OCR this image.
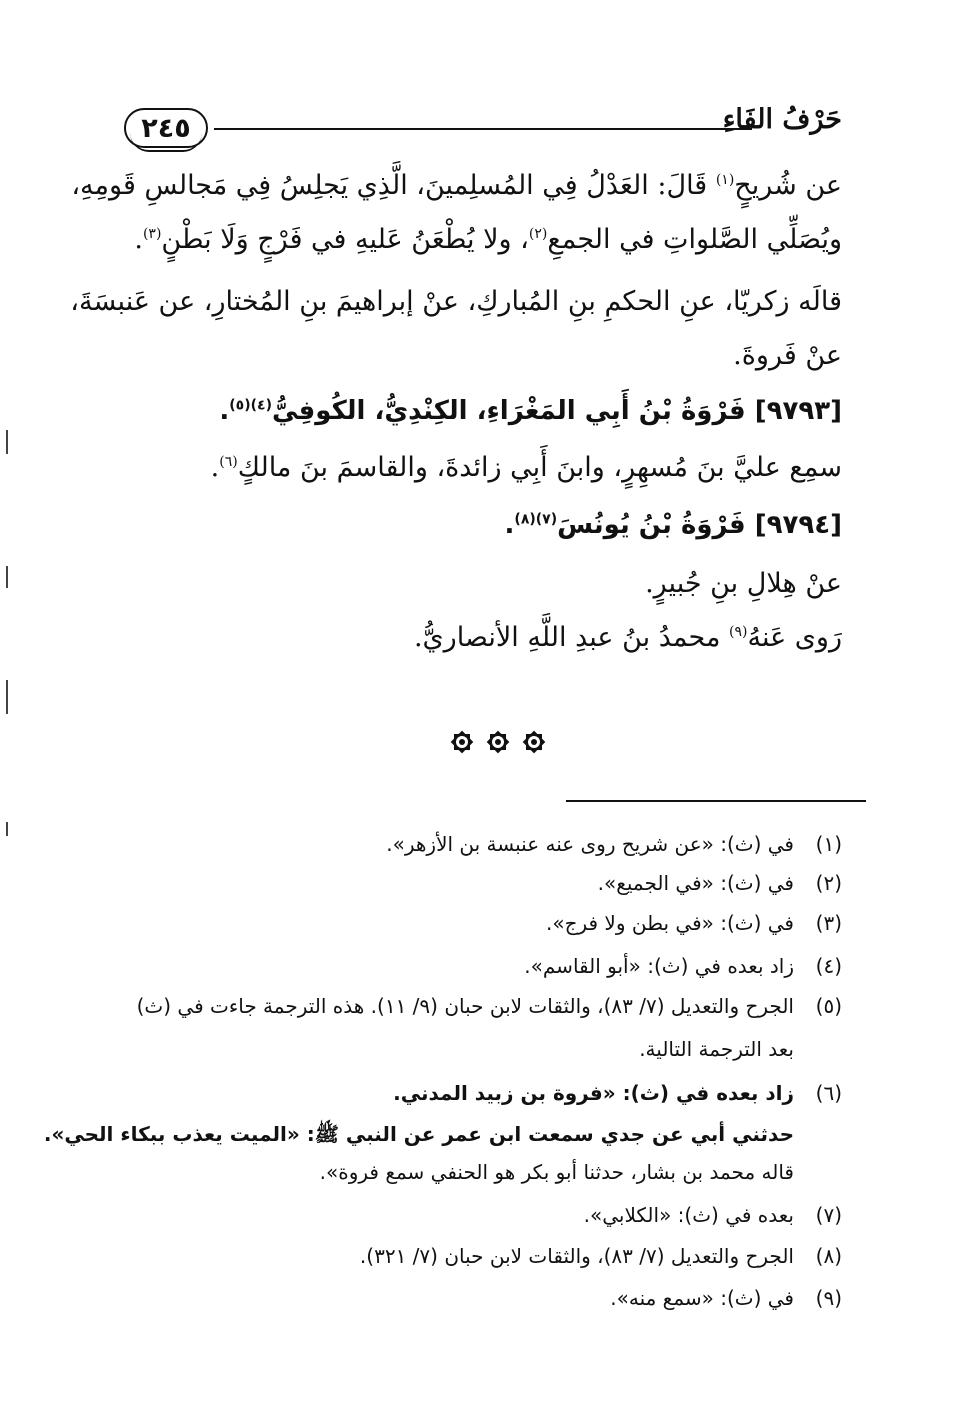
حَرْفُ الفَاءِ
٢٤٥
عن شُريحٍ$^{(١)}$ قَالَ: العَدْلُ فِي المُسلِمينَ، الَّذِي يَجلِسُ فِي مَجالسِ قَومِهِ،
ويُصَلِّي الصَّلواتِ في الجمعِ$^{(٢)}$، ولا يُطْعَنُ عَليهِ في فَرْجٍ وَلَا بَطْنٍ$^{(٣)}$.
قالَه زكريّا، عنِ الحكمِ بنِ المُباركِ، عنْ إبراهيمَ بنِ المُختارِ، عن عَنبسَةَ،
عنْ فَروةَ.
[٩٧٩٣] فَرْوَةُ بْنُ أَبِي المَغْرَاءِ، الكِنْدِيُّ، الكُوفِيُّ$^{(٤)(٥)}$.
سمِع عليَّ بنَ مُسهِرٍ، وابنَ أَبِي زائدةَ، والقاسمَ بنَ مالكٍ$^{(٦)}$.
[٩٧٩٤] فَرْوَةُ بْنُ يُونُسَ$^{(٧)(٨)}$.
عنْ هِلالِ بنِ جُبيرٍ.
رَوى عَنهُ$^{(٩)}$ محمدُ بنُ عبدِ اللَّهِ الأنصاريُّ.
(١)في (ث): «عن شريح روى عنه عنبسة بن الأزهر».
(٢)في (ث): «في الجميع».
(٣)في (ث): «في بطن ولا فرج».
(٤)زاد بعده في (ث): «أبو القاسم».
(٥)الجرح والتعديل (٧/ ٨٣)، والثقات لابن حبان (٩/ ١١). هذه الترجمة جاءت في (ث)
بعد الترجمة التالية.
(٦)زاد بعده في (ث): «فروة بن زبيد المدني.
حدثني أبي عن جدي سمعت ابن عمر عن النبي ﷺ: «الميت يعذب ببكاء الحي».
قاله محمد بن بشار، حدثنا أبو بكر هو الحنفي سمع فروة».
(٧)بعده في (ث): «الكلابي».
(٨)الجرح والتعديل (٧/ ٨٣)، والثقات لابن حبان (٧/ ٣٢١).
(٩)في (ث): «سمع منه».
